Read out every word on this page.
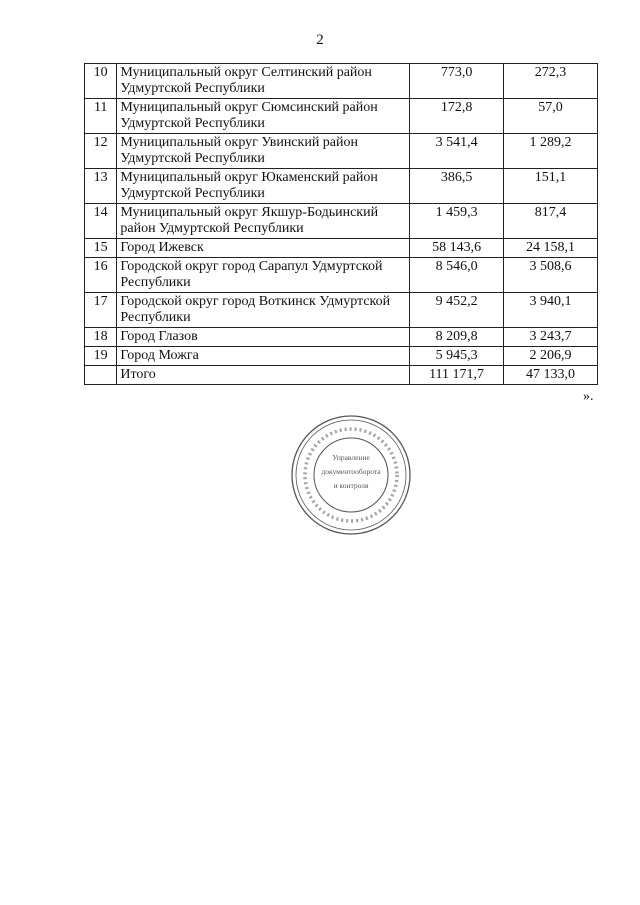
2
10	Муниципальный округ Селтинский район Удмуртской Республики	773,0	272,3
11	Муниципальный округ Сюмсинский район Удмуртской Республики	172,8	57,0
12	Муниципальный округ Увинский район Удмуртской Республики	3 541,4	1 289,2
13	Муниципальный округ Юкаменский район Удмуртской Республики	386,5	151,1
14	Муниципальный округ Якшур-Бодьинский район Удмуртской Республики	1 459,3	817,4
15	Город Ижевск	58 143,6	24 158,1
16	Городской округ город Сарапул Удмуртской Республики	8 546,0	3 508,6
17	Городской округ город Воткинск Удмуртской Республики	9 452,2	3 940,1
18	Город Глазов	8 209,8	3 243,7
19	Город Можга	5 945,3	2 206,9
	Итого	111 171,7	47 133,0
».
Управление
документооборота
и контроля
